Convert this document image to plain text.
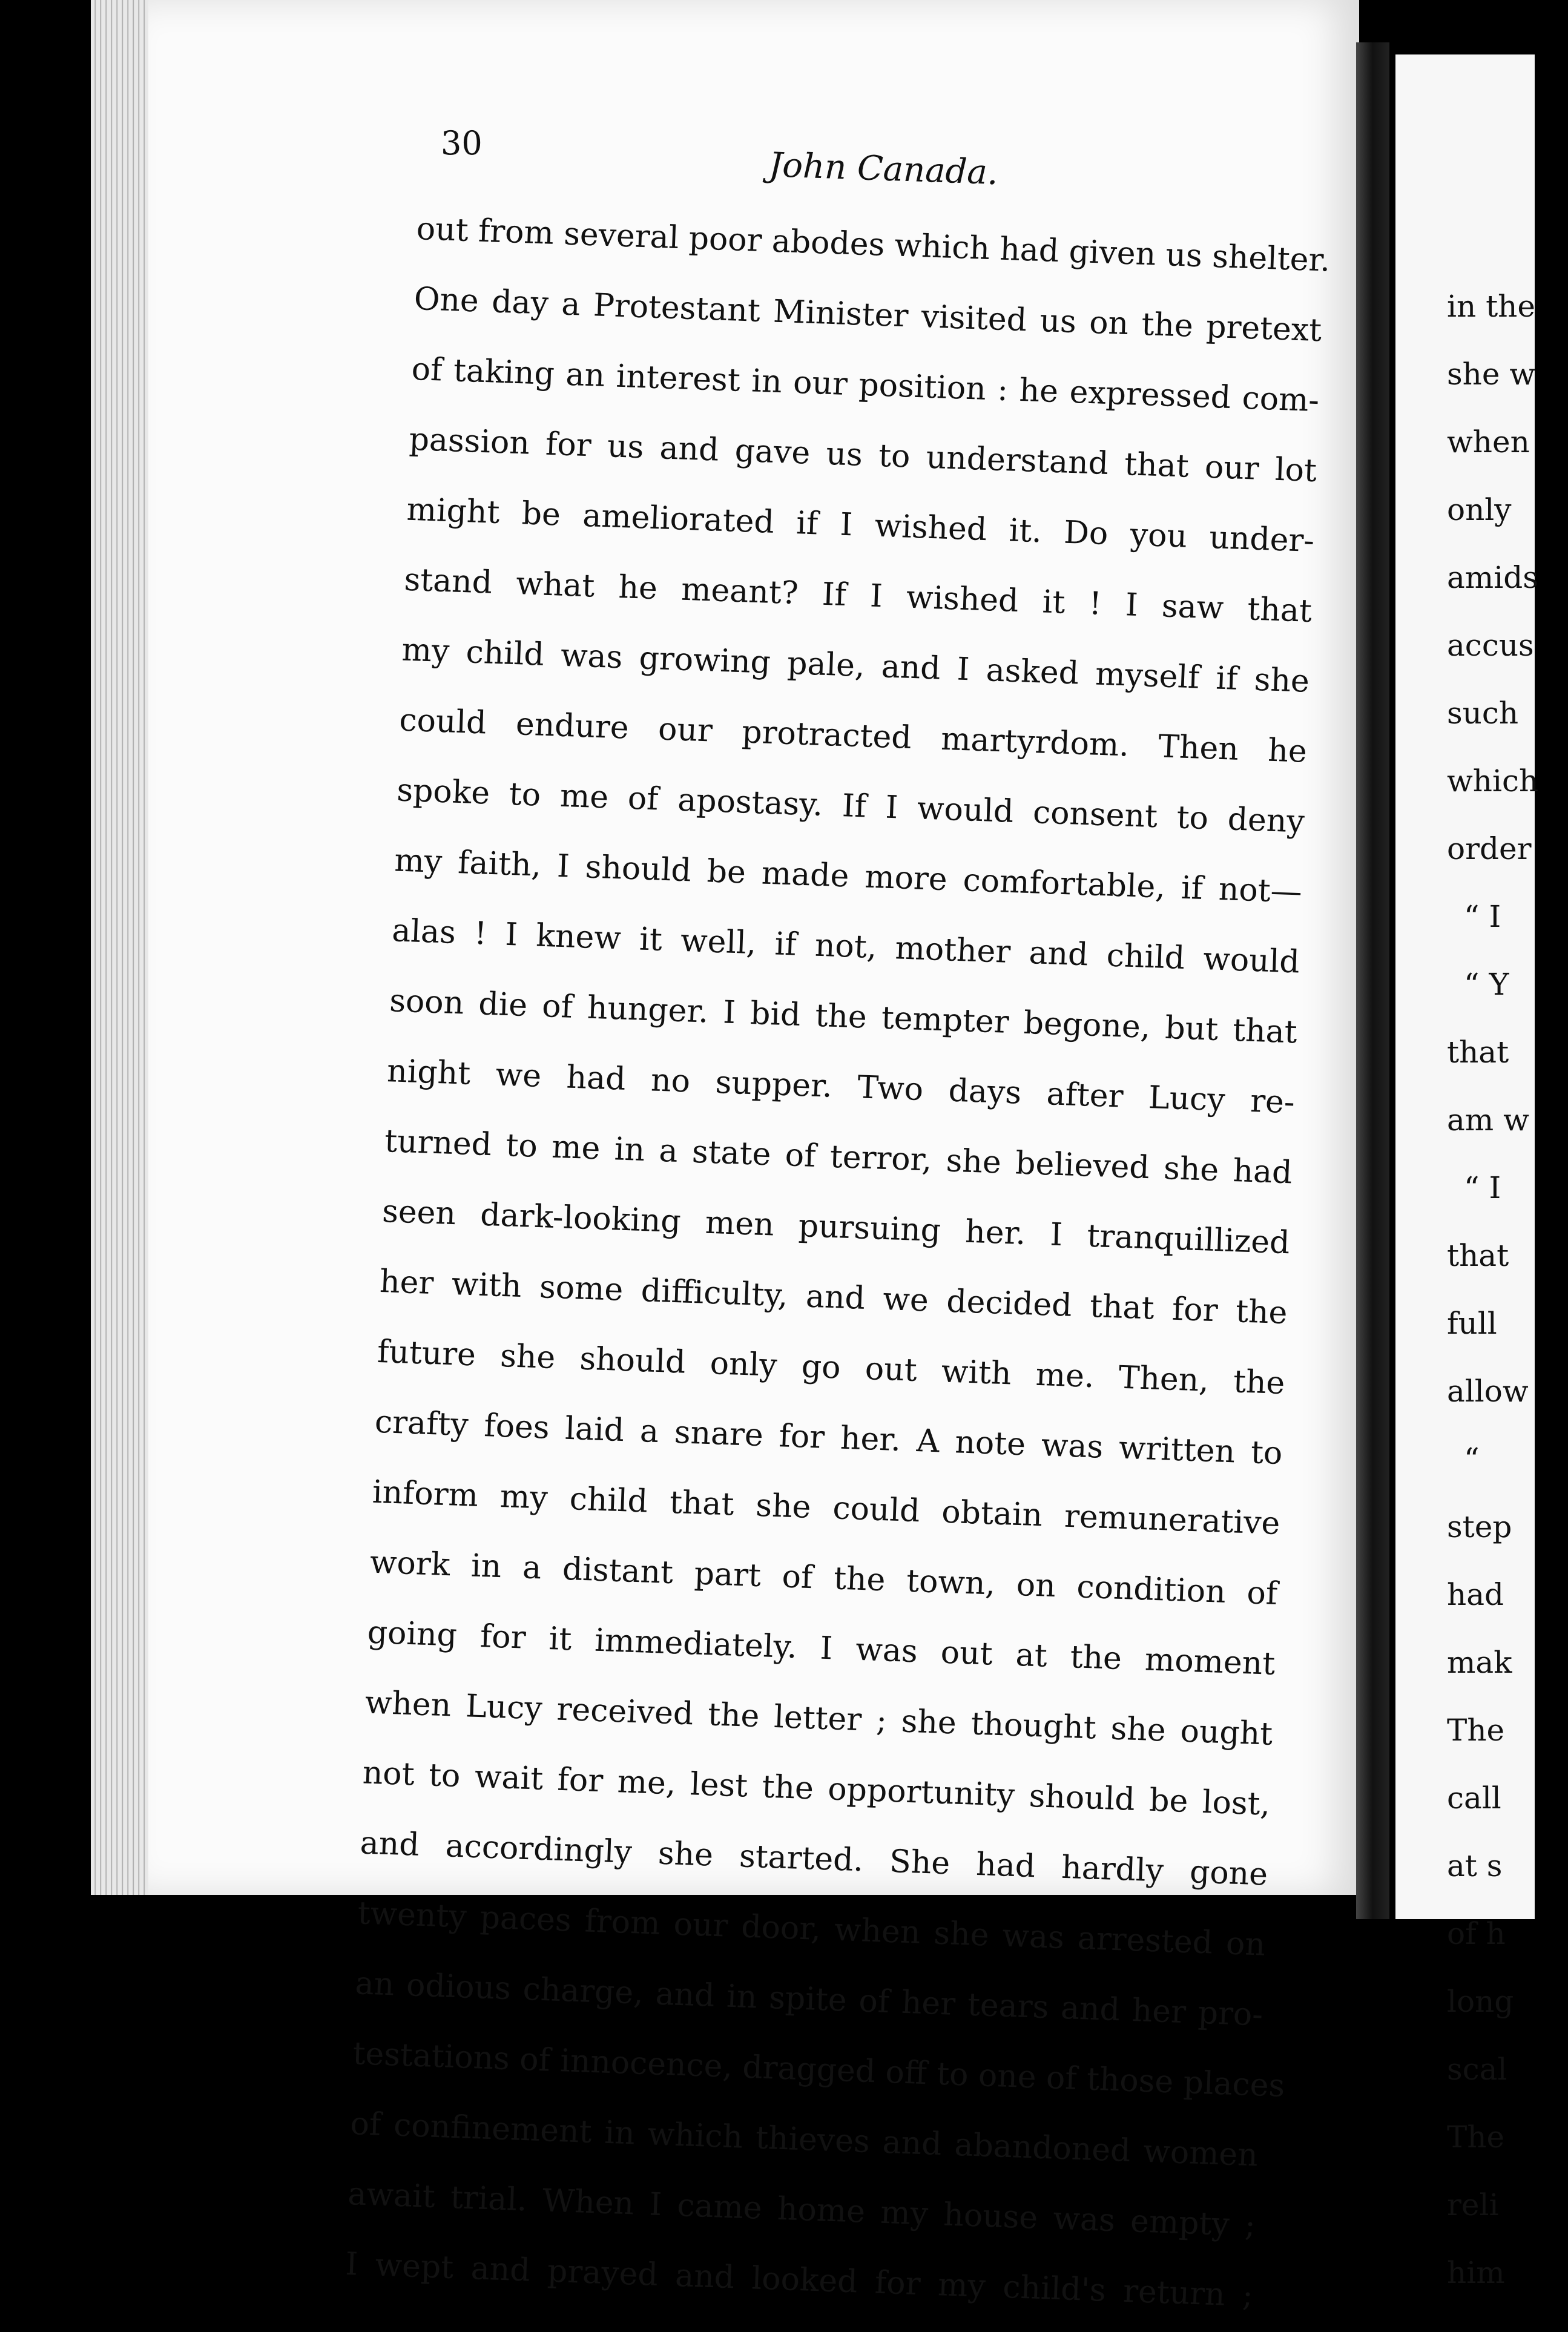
30
John Canada.
out from several poor abodes which had given us shelter.
One day a Protestant Minister visited us on the pretext
of taking an interest in our position : he expressed com-
passion for us and gave us to understand that our lot
might be ameliorated if I wished it. Do you under-
stand what he meant? If I wished it ! I saw that
my child was growing pale, and I asked myself if she
could endure our protracted martyrdom. Then he
spoke to me of apostasy. If I would consent to deny
my faith, I should be made more comfortable, if not—
alas ! I knew it well, if not, mother and child would
soon die of hunger. I bid the tempter begone, but that
night we had no supper. Two days after Lucy re-
turned to me in a state of terror, she believed she had
seen dark-looking men pursuing her. I tranquillized
her with some difficulty, and we decided that for the
future she should only go out with me. Then, the
crafty foes laid a snare for her. A note was written to
inform my child that she could obtain remunerative
work in a distant part of the town, on condition of
going for it immediately. I was out at the moment
when Lucy received the letter ; she thought she ought
not to wait for me, lest the opportunity should be lost,
and accordingly she started. She had hardly gone
twenty paces from our door, when she was arrested on
an odious charge, and in spite of her tears and her pro-
testations of innocence, dragged off to one of those places
of confinement in which thieves and abandoned women
await trial. When I came home my house was empty ;
I wept and prayed and looked for my child's return ;
in the
she w
when
only
amids
accus
such
which
order
“ I
“ Y
that
am w
“ I
that
full
allow
“
step
had
mak
The
call
at s
of h
long
scal
The
reli
him
